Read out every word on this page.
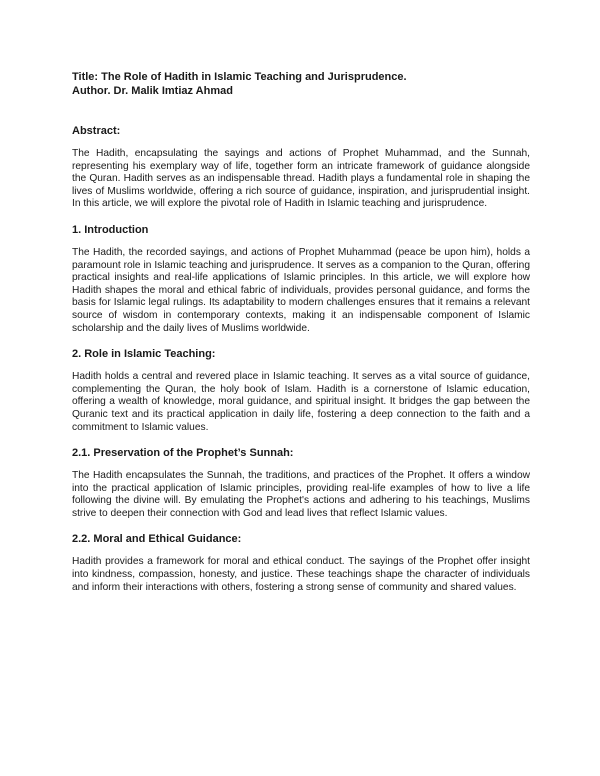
Title: The Role of Hadith in Islamic Teaching and Jurisprudence.

Author. Dr. Malik Imtiaz Ahmad

Abstract:

The Hadith, encapsulating the sayings and actions of Prophet Muhammad, and the Sunnah, representing his exemplary way of life, together form an intricate framework of guidance alongside the Quran. Hadith serves as an indispensable thread. Hadith plays a fundamental role in shaping the lives of Muslims worldwide, offering a rich source of guidance, inspiration, and jurisprudential insight. In this article, we will explore the pivotal role of Hadith in Islamic teaching and jurisprudence.

1. Introduction

The Hadith, the recorded sayings, and actions of Prophet Muhammad (peace be upon him), holds a paramount role in Islamic teaching and jurisprudence. It serves as a companion to the Quran, offering practical insights and real-life applications of Islamic principles. In this article, we will explore how Hadith shapes the moral and ethical fabric of individuals, provides personal guidance, and forms the basis for Islamic legal rulings. Its adaptability to modern challenges ensures that it remains a relevant source of wisdom in contemporary contexts, making it an indispensable component of Islamic scholarship and the daily lives of Muslims worldwide.

2. Role in Islamic Teaching:

Hadith holds a central and revered place in Islamic teaching. It serves as a vital source of guidance, complementing the Quran, the holy book of Islam. Hadith is a cornerstone of Islamic education, offering a wealth of knowledge, moral guidance, and spiritual insight. It bridges the gap between the Quranic text and its practical application in daily life, fostering a deep connection to the faith and a commitment to Islamic values.

2.1. Preservation of the Prophet’s Sunnah:

The Hadith encapsulates the Sunnah, the traditions, and practices of the Prophet. It offers a window into the practical application of Islamic principles, providing real-life examples of how to live a life following the divine will. By emulating the Prophet's actions and adhering to his teachings, Muslims strive to deepen their connection with God and lead lives that reflect Islamic values.

2.2. Moral and Ethical Guidance:

Hadith provides a framework for moral and ethical conduct. The sayings of the Prophet offer insight into kindness, compassion, honesty, and justice. These teachings shape the character of individuals and inform their interactions with others, fostering a strong sense of community and shared values.
